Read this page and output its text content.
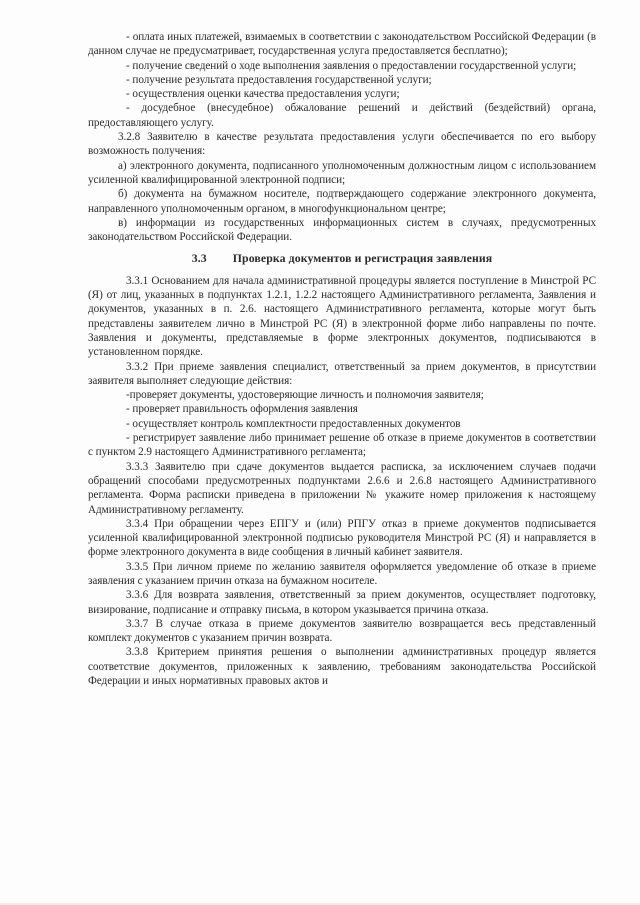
- оплата иных платежей, взимаемых в соответствии с законодательством Российской Федерации (в данном случае не предусматривает, государственная услуга предоставляется бесплатно);

- получение сведений о ходе выполнения заявления о предоставлении государственной услуги;

- получение результата предоставления государственной услуги;

- осуществления оценки качества предоставления услуги;

- досудебное (внесудебное) обжалование решений и действий (бездействий) органа, предоставляющего услугу.

3.2.8 Заявителю в качестве результата предоставления услуги обеспечивается по его выбору возможность получения:

а) электронного документа, подписанного уполномоченным должностным лицом с использованием усиленной квалифицированной электронной подписи;

б) документа на бумажном носителе, подтверждающего содержание электронного документа, направленного уполномоченным органом, в многофункциональном центре;

в) информации из государственных информационных систем в случаях, предусмотренных законодательством Российской Федерации.

3.3 Проверка документов и регистрация заявления

3.3.1 Основанием для начала административной процедуры является поступление в Минстрой РС (Я) от лиц, указанных в подпунктах 1.2.1, 1.2.2 настоящего Административного регламента, Заявления и документов, указанных в п. 2.6. настоящего Административного регламента, которые могут быть представлены заявителем лично в Минстрой РС (Я) в электронной форме либо направлены по почте. Заявления и документы, представляемые в форме электронных документов, подписываются в установленном порядке.

3.3.2 При приеме заявления специалист, ответственный за прием документов, в присутствии заявителя выполняет следующие действия:

-проверяет документы, удостоверяющие личность и полномочия заявителя;

- проверяет правильность оформления заявления

- осуществляет контроль комплектности предоставленных документов

- регистрирует заявление либо принимает решение об отказе в приеме документов в соответствии с пунктом 2.9 настоящего Административного регламента;

3.3.3 Заявителю при сдаче документов выдается расписка, за исключением случаев подачи обращений способами предусмотренных подпунктами 2.6.6 и 2.6.8 настоящего Административного регламента. Форма расписки приведена в приложении № укажите номер приложения к настоящему Административному регламенту.

3.3.4 При обращении через ЕПГУ и (или) РПГУ отказ в приеме документов подписывается усиленной квалифицированной электронной подписью руководителя Минстрой РС (Я) и направляется в форме электронного документа в виде сообщения в личный кабинет заявителя.

3.3.5 При личном приеме по желанию заявителя оформляется уведомление об отказе в приеме заявления с указанием причин отказа на бумажном носителе.

3.3.6 Для возврата заявления, ответственный за прием документов, осуществляет подготовку, визирование, подписание и отправку письма, в котором указывается причина отказа.

3.3.7 В случае отказа в приеме документов заявителю возвращается весь представленный комплект документов с указанием причин возврата.

3.3.8 Критерием принятия решения о выполнении административных процедур является соответствие документов, приложенных к заявлению, требованиям законодательства Российской Федерации и иных нормативных правовых актов и
